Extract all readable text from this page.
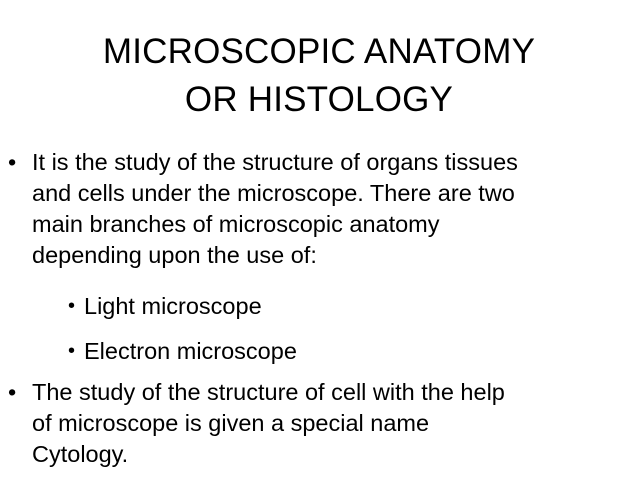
MICROSCOPIC ANATOMY
OR HISTOLOGY
• It is the study of the structure of organs tissues
and cells under the microscope. There are two
main branches of microscopic anatomy
depending upon the use of:
• Light microscope
• Electron microscope
• The study of the structure of cell with the help
of microscope is given a special name
Cytology.
